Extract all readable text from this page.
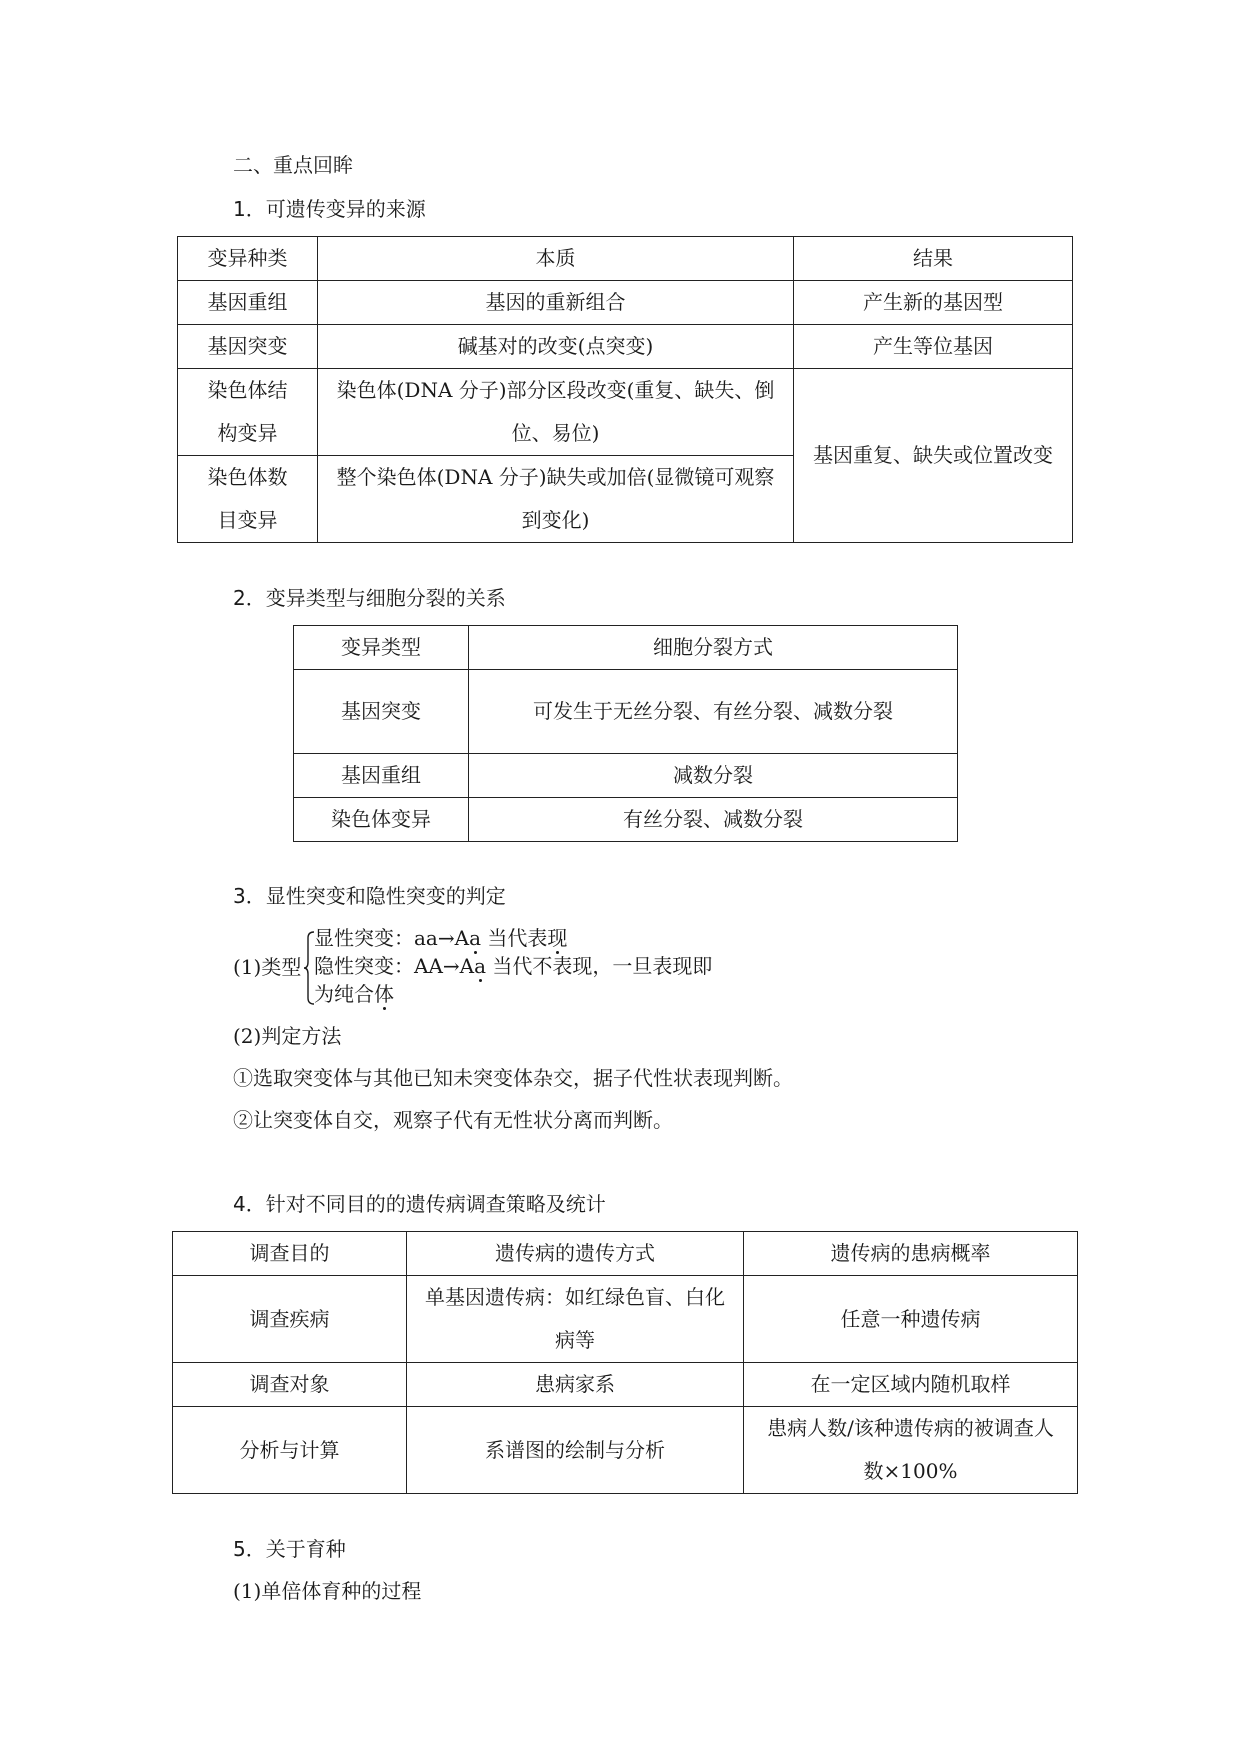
二、重点回眸
1．可遗传变异的来源
变异种类	本质	结果
基因重组	基因的重新组合	产生新的基因型
基因突变	碱基对的改变(点突变)	产生等位基因
染色体结构变异	染色体(DNA 分子)部分区段改变(重复、缺失、倒位、易位)	基因重复、缺失或位置改变
染色体数目变异	整个染色体(DNA 分子)缺失或加倍(显微镜可观察到变化)	
2．变异类型与细胞分裂的关系
变异类型	细胞分裂方式
基因突变	可发生于无丝分裂、有丝分裂、减数分裂
基因重组	减数分裂
染色体变异	有丝分裂、减数分裂
3．显性突变和隐性突变的判定
(1)类型
显性突变：aa→Aa 当代表现
隐性突变：AA→Aa 当代不表现，一旦表现即
为纯合体
(2)判定方法
①选取突变体与其他已知未突变体杂交，据子代性状表现判断。
②让突变体自交，观察子代有无性状分离而判断。
4．针对不同目的的遗传病调查策略及统计
调查目的	遗传病的遗传方式	遗传病的患病概率
调查疾病	单基因遗传病：如红绿色盲、白化病等	任意一种遗传病
调查对象	患病家系	在一定区域内随机取样
分析与计算	系谱图的绘制与分析	患病人数/该种遗传病的被调查人数×100%
5．关于育种
(1)单倍体育种的过程
